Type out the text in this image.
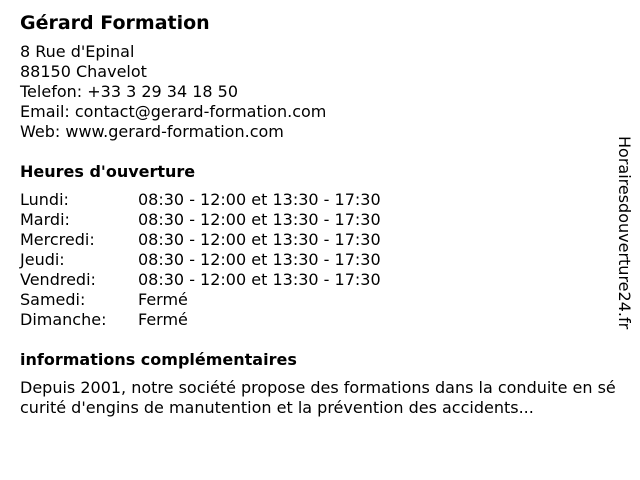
Gérard Formation
8 Rue d'Epinal
88150 Chavelot
Telefon: +33 3 29 34 18 50
Email: contact@gerard-formation.com
Web: www.gerard-formation.com
Heures d'ouverture
Lundi:	08:30 - 12:00 et 13:30 - 17:30
Mardi:	08:30 - 12:00 et 13:30 - 17:30
Mercredi:	08:30 - 12:00 et 13:30 - 17:30
Jeudi:	08:30 - 12:00 et 13:30 - 17:30
Vendredi:	08:30 - 12:00 et 13:30 - 17:30
Samedi:	Fermé
Dimanche:	Fermé
informations complémentaires
Depuis 2001, notre société propose des formations dans la conduite en sécurité d'engins de manutention et la prévention des accidents...
Horairesdouverture24.fr
